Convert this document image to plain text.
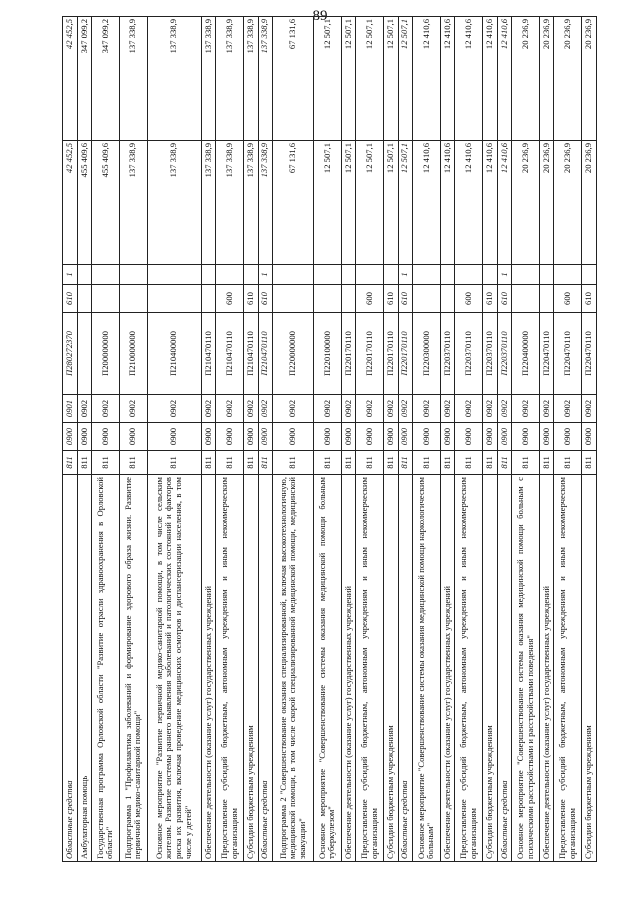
89
Областные средства	811	0900	0901	П280272370	610	1	42 452,5	42 452,5
Амбулаторная помощь	811	0900	0902				455 409,6	347 099,2
Государственная программа Орловской области "Развитие отрасли здравоохранения в Орловской области"	811	0900	0902	П200000000			455 409,6	347 099,2
Подпрограмма 1 "Профилактика заболеваний и формирование здорового образа жизни. Развитие первичной медико-санитарной помощи"	811	0900	0902	П210000000			137 338,9	137 338,9
Основное мероприятие "Развитие первичной медико-санитарной помощи, в том числе сельским жителям. Развитие системы раннего выявления заболеваний и патологических состояний и факторов риска их развития, включая проведение медицинских осмотров и диспансеризации населения, в том числе у детей"	811	0900	0902	П210400000			137 338,9	137 338,9
Обеспечение деятельности (оказание услуг) государственных учреждений	811	0900	0902	П210470110			137 338,9	137 338,9
Предоставление субсидий бюджетным, автономным учреждениям и иным некоммерческим организациям	811	0900	0902	П210470110	600		137 338,9	137 338,9
Субсидии бюджетным учреждениям	811	0900	0902	П210470110	610		137 338,9	137 338,9
Областные средства	811	0900	0902	П210470110	610	1	137 338,9	137 338,9
Подпрограмма 2 "Совершенствование оказания специализированной, включая высокотехнологичную, медицинской помощи, в том числе скорой специализированной медицинской помощи, медицинской эвакуации"	811	0900	0902	П220000000			67 131,6	67 131,6
Основное мероприятие "Совершенствование системы оказания медицинской помощи больным туберкулезом"	811	0900	0902	П220100000			12 507,1	12 507,1
Обеспечение деятельности (оказание услуг) государственных учреждений	811	0900	0902	П220170110			12 507,1	12 507,1
Предоставление субсидий бюджетным, автономным учреждениям и иным некоммерческим организациям	811	0900	0902	П220170110	600		12 507,1	12 507,1
Субсидии бюджетным учреждениям	811	0900	0902	П220170110	610		12 507,1	12 507,1
Областные средства	811	0900	0902	П220170110	610	1	12 507,1	12 507,1
Основное мероприятие "Совершенствование системы оказания медицинской помощи наркологическим больным"	811	0900	0902	П220300000			12 410,6	12 410,6
Обеспечение деятельности (оказание услуг) государственных учреждений	811	0900	0902	П220370110			12 410,6	12 410,6
Предоставление субсидий бюджетным, автономным учреждениям и иным некоммерческим организациям	811	0900	0902	П220370110	600		12 410,6	12 410,6
Субсидии бюджетным учреждениям	811	0900	0902	П220370110	610		12 410,6	12 410,6
Областные средства	811	0900	0902	П220370110	610	1	12 410,6	12 410,6
Основное мероприятие "Совершенствование системы оказания медицинской помощи больным с психическими расстройствами и расстройствами поведения"	811	0900	0902	П220400000			20 236,9	20 236,9
Обеспечение деятельности (оказание услуг) государственных учреждений	811	0900	0902	П220470110			20 236,9	20 236,9
Предоставление субсидий бюджетным, автономным учреждениям и иным некоммерческим организациям	811	0900	0902	П220470110	600		20 236,9	20 236,9
Субсидии бюджетным учреждениям	811	0900	0902	П220470110	610		20 236,9	20 236,9
